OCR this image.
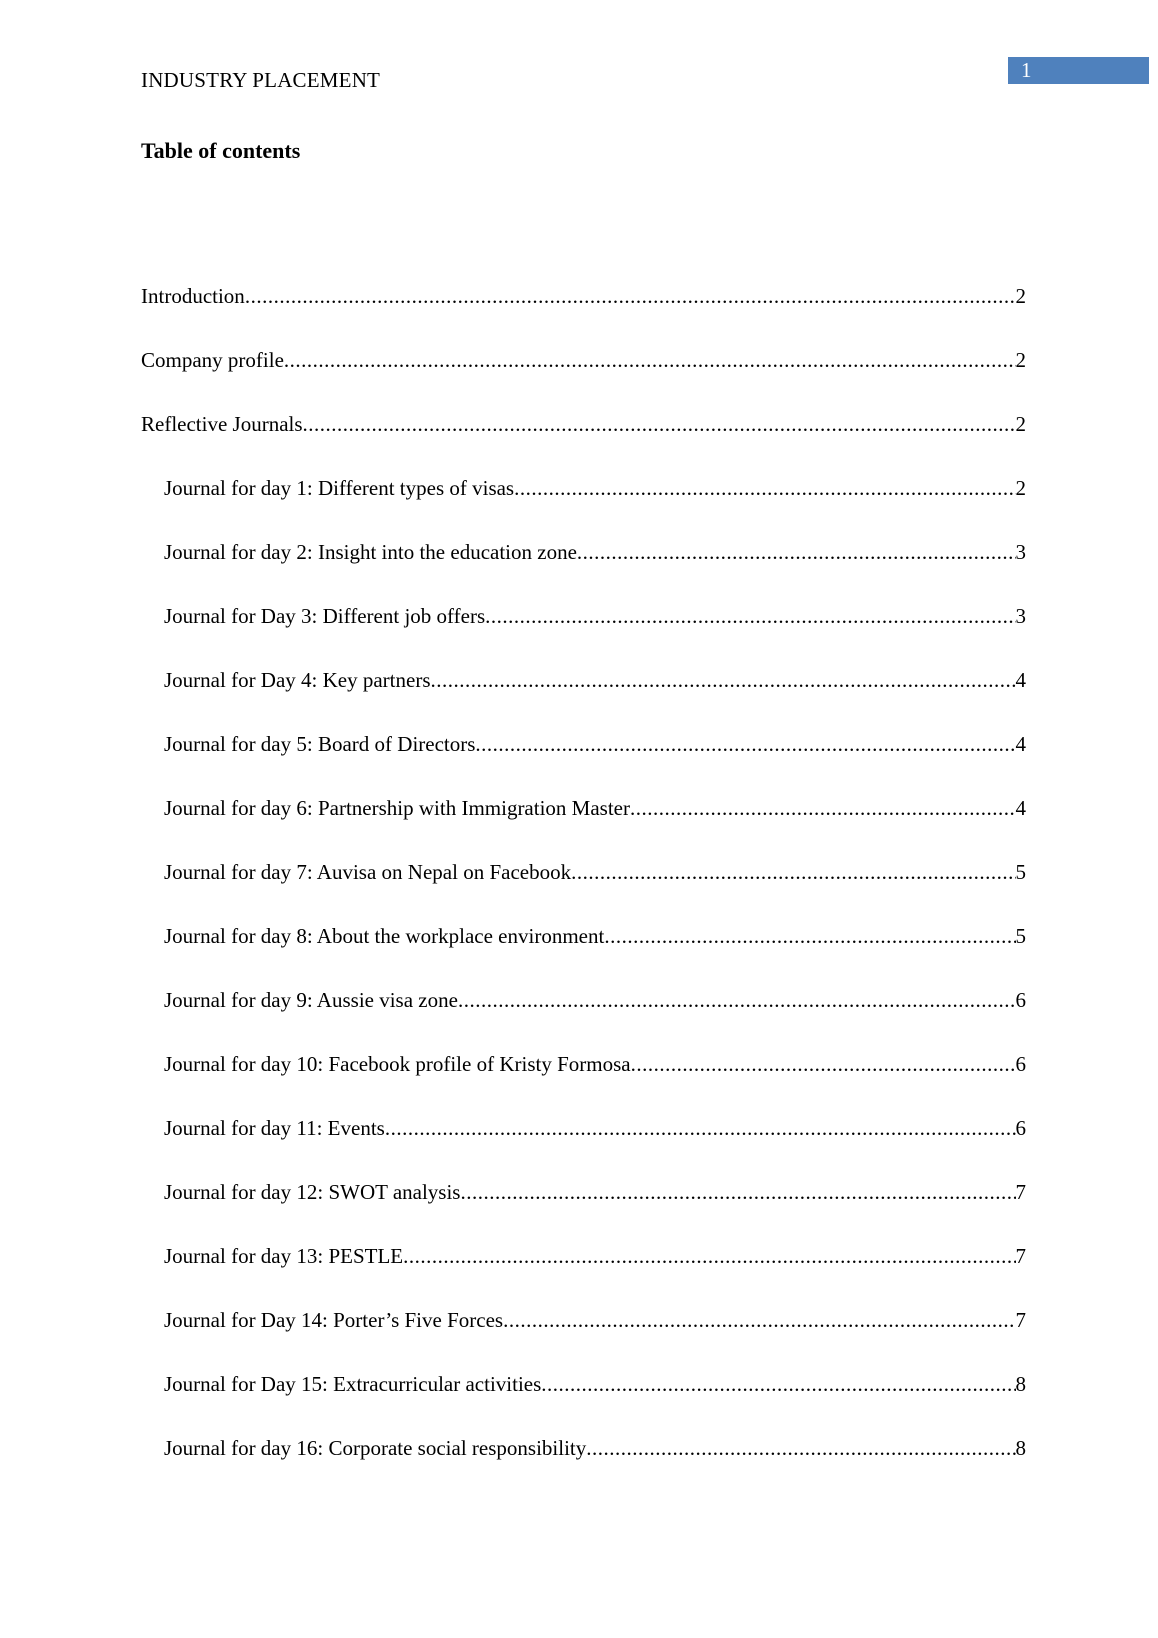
INDUSTRY PLACEMENT	1
Table of contents
Introduction .....	2
Company profile .....	2
Reflective Journals .....	2
Journal for day 1: Different types of visas .....	2
Journal for day 2: Insight into the education zone .....	3
Journal for Day 3: Different job offers .....	3
Journal for Day 4: Key partners .....	4
Journal for day 5: Board of Directors .....	4
Journal for day 6: Partnership with Immigration Master .....	4
Journal for day 7: Auvisa on Nepal on Facebook .....	5
Journal for day 8: About the workplace environment .....	5
Journal for day 9: Aussie visa zone .....	6
Journal for day 10: Facebook profile of Kristy Formosa .....	6
Journal for day 11: Events .....	6
Journal for day 12: SWOT analysis .....	7
Journal for day 13: PESTLE .....	7
Journal for Day 14: Porter’s Five Forces .....	7
Journal for Day 15: Extracurricular activities .....	8
Journal for day 16: Corporate social responsibility .....	8
